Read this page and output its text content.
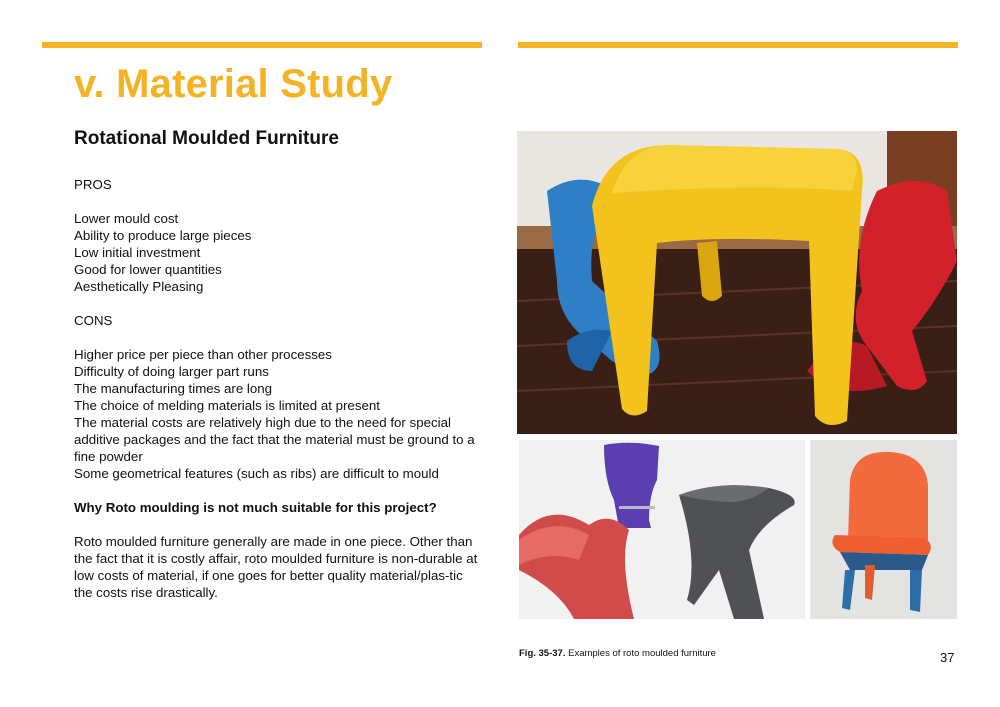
v. Material Study
Rotational Moulded Furniture
PROS
Lower mould cost
Ability to produce large pieces
Low initial investment
Good for lower quantities
Aesthetically Pleasing
CONS
Higher price per piece than other processes
Difficulty of doing larger part runs
The manufacturing times are long
The choice of melding materials is limited at present
The material costs are relatively high due to the need for special additive packages and the fact that the material must be ground to a fine powder
Some geometrical features (such as ribs) are difficult to mould
Why Roto moulding is not much suitable for this project?
Roto moulded furniture generally are made in one piece. Other than the fact that it is costly affair, roto moulded furniture is non-durable at low costs of material, if one goes for better quality material/plas-tic the costs rise drastically.
Fig. 35-37. Examples of roto moulded furniture	37
